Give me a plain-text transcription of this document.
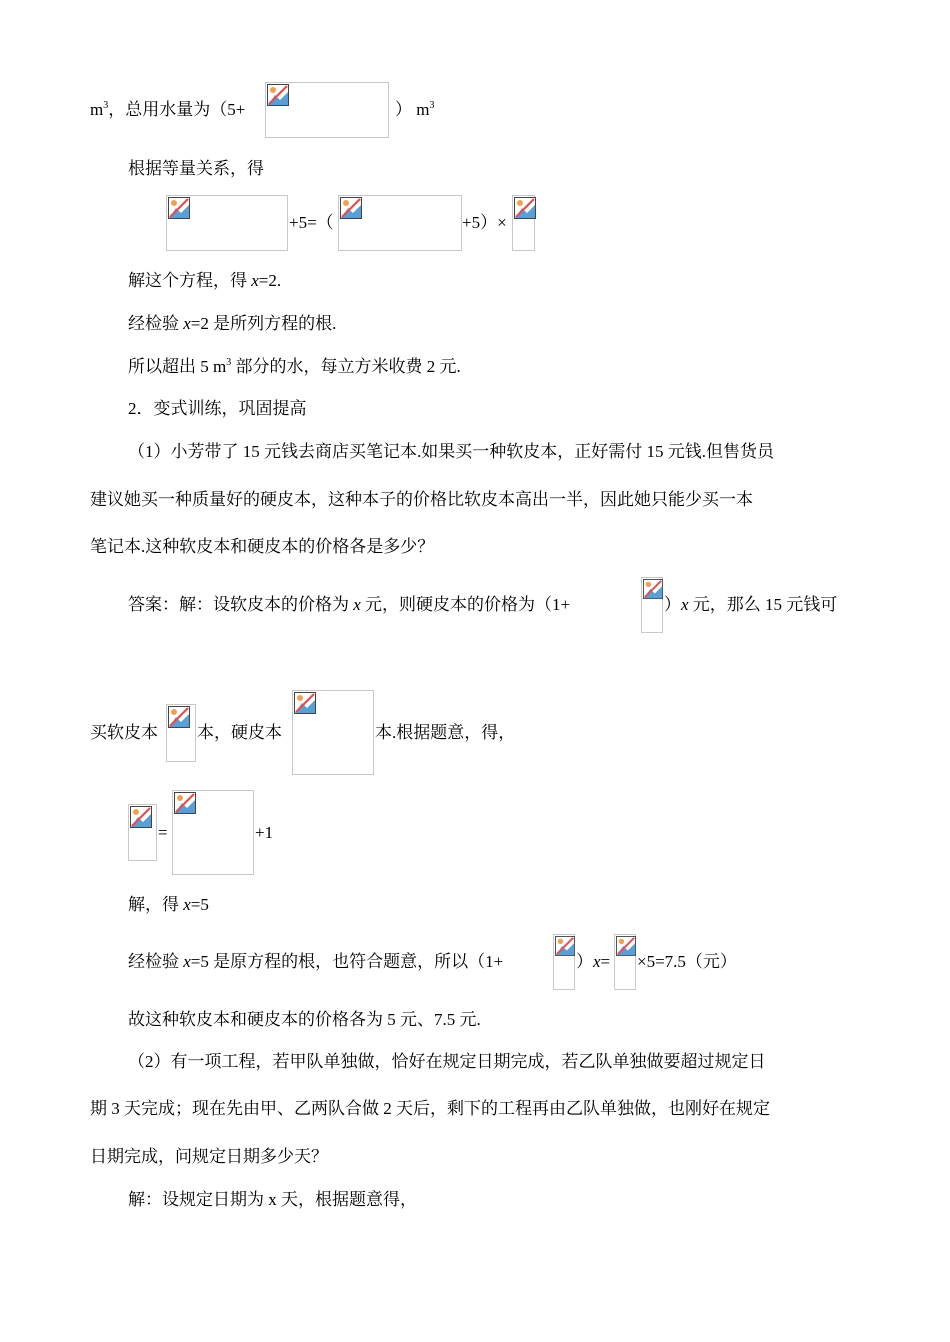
$m^3$，总用水量为（5+	） $m^3$
根据等量关系，得
+5=（	+5）×
解这个方程，得 x=2.
经检验 x=2 是所列方程的根.
所以超出 5 $m^3$ 部分的水，每立方米收费 2 元.
2．变式训练，巩固提高
（1）小芳带了 15 元钱去商店买笔记本.如果买一种软皮本，正好需付 15 元钱.但售货员
建议她买一种质量好的硬皮本，这种本子的价格比软皮本高出一半，因此她只能少买一本
笔记本.这种软皮本和硬皮本的价格各是多少？
答案：解：设软皮本的价格为 x 元，则硬皮本的价格为（1+	）x 元，那么 15 元钱可
买软皮本 本，硬皮本	本.根据题意，得，
=	+1
解，得 x=5
经检验 x=5 是原方程的根，也符合题意，所以（1+	）x= ×5=7.5（元）
故这种软皮本和硬皮本的价格各为 5 元、7.5 元.
（2）有一项工程，若甲队单独做，恰好在规定日期完成，若乙队单独做要超过规定日
期 3 天完成；现在先由甲、乙两队合做 2 天后，剩下的工程再由乙队单独做，也刚好在规定
日期完成，问规定日期多少天？
解：设规定日期为 x 天，根据题意得，
